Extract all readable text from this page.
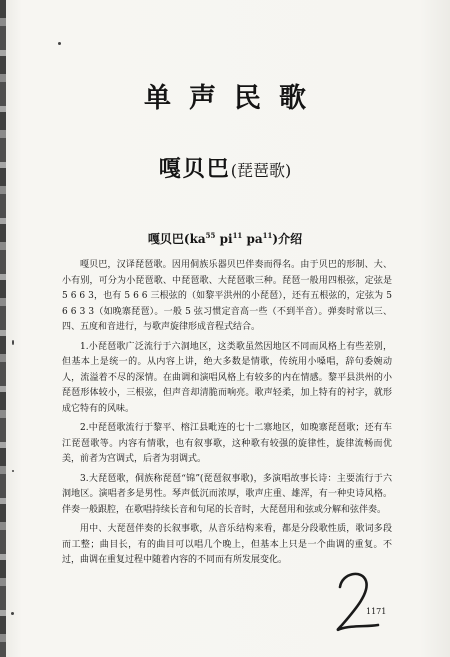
单声民歌
嘎贝巴(琵琶歌)
嘎贝巴($ka^{55}$ $pi^{11}$ $pa^{11}$)介绍

嘎贝巴，汉译琵琶歌。因用侗族乐器贝巴伴奏而得名。由于贝巴的形制、大、小有别，可分为小琵琶歌、中琵琶歌、大琵琶歌三种。琵琶一般用四根弦，定弦是 5 6 6 3，也有 5 6 6 三根弦的（如黎平洪州的小琵琶），还有五根弦的，定弦为 5 6 6 3 3（如晚寨琵琶）。一般 5 弦习惯定音高一些（不到半音）。弹奏时常以三、四、五度和音进行，与歌声旋律形成音程式结合。

1.小琵琶歌广泛流行于六洞地区，这类歌虽然因地区不同而风格上有些差别，但基本上是统一的。从内容上讲，绝大多数是情歌，传统用小嗓唱，辞句委婉动人，流溢着不尽的深情。在曲调和演唱风格上有较多的内在情感。黎平县洪州的小琵琶形体较小，三根弦，但声音却清脆而响亮。歌声轻柔，加上特有的衬字，就形成它特有的风味。

2.中琵琶歌流行于黎平、榕江县毗连的七十二寨地区，如晚寨琵琶歌；还有车江琵琶歌等。内容有情歌，也有叙事歌，这种歌有较强的旋律性，旋律流畅而优美，前者为宫调式，后者为羽调式。

3.大琵琶歌，侗族称琵琶“锦”(琵琶叙事歌)，多演唱故事长诗：主要流行于六洞地区。演唱者多是男性。琴声低沉而浓厚，歌声庄重、雄浑，有一种史诗风格。伴奏一般跟腔，在歌唱持续长音和句尾的长音时，大琵琶用和弦或分解和弦伴奏。

用中、大琵琶伴奏的长叙事歌，从音乐结构来看，都是分段歌性质，歌词多段而工整；曲目长，有的曲目可以唱几个晚上，但基本上只是一个曲调的重复。不过，曲调在重复过程中随着内容的不同而有所发展变化。

1171
